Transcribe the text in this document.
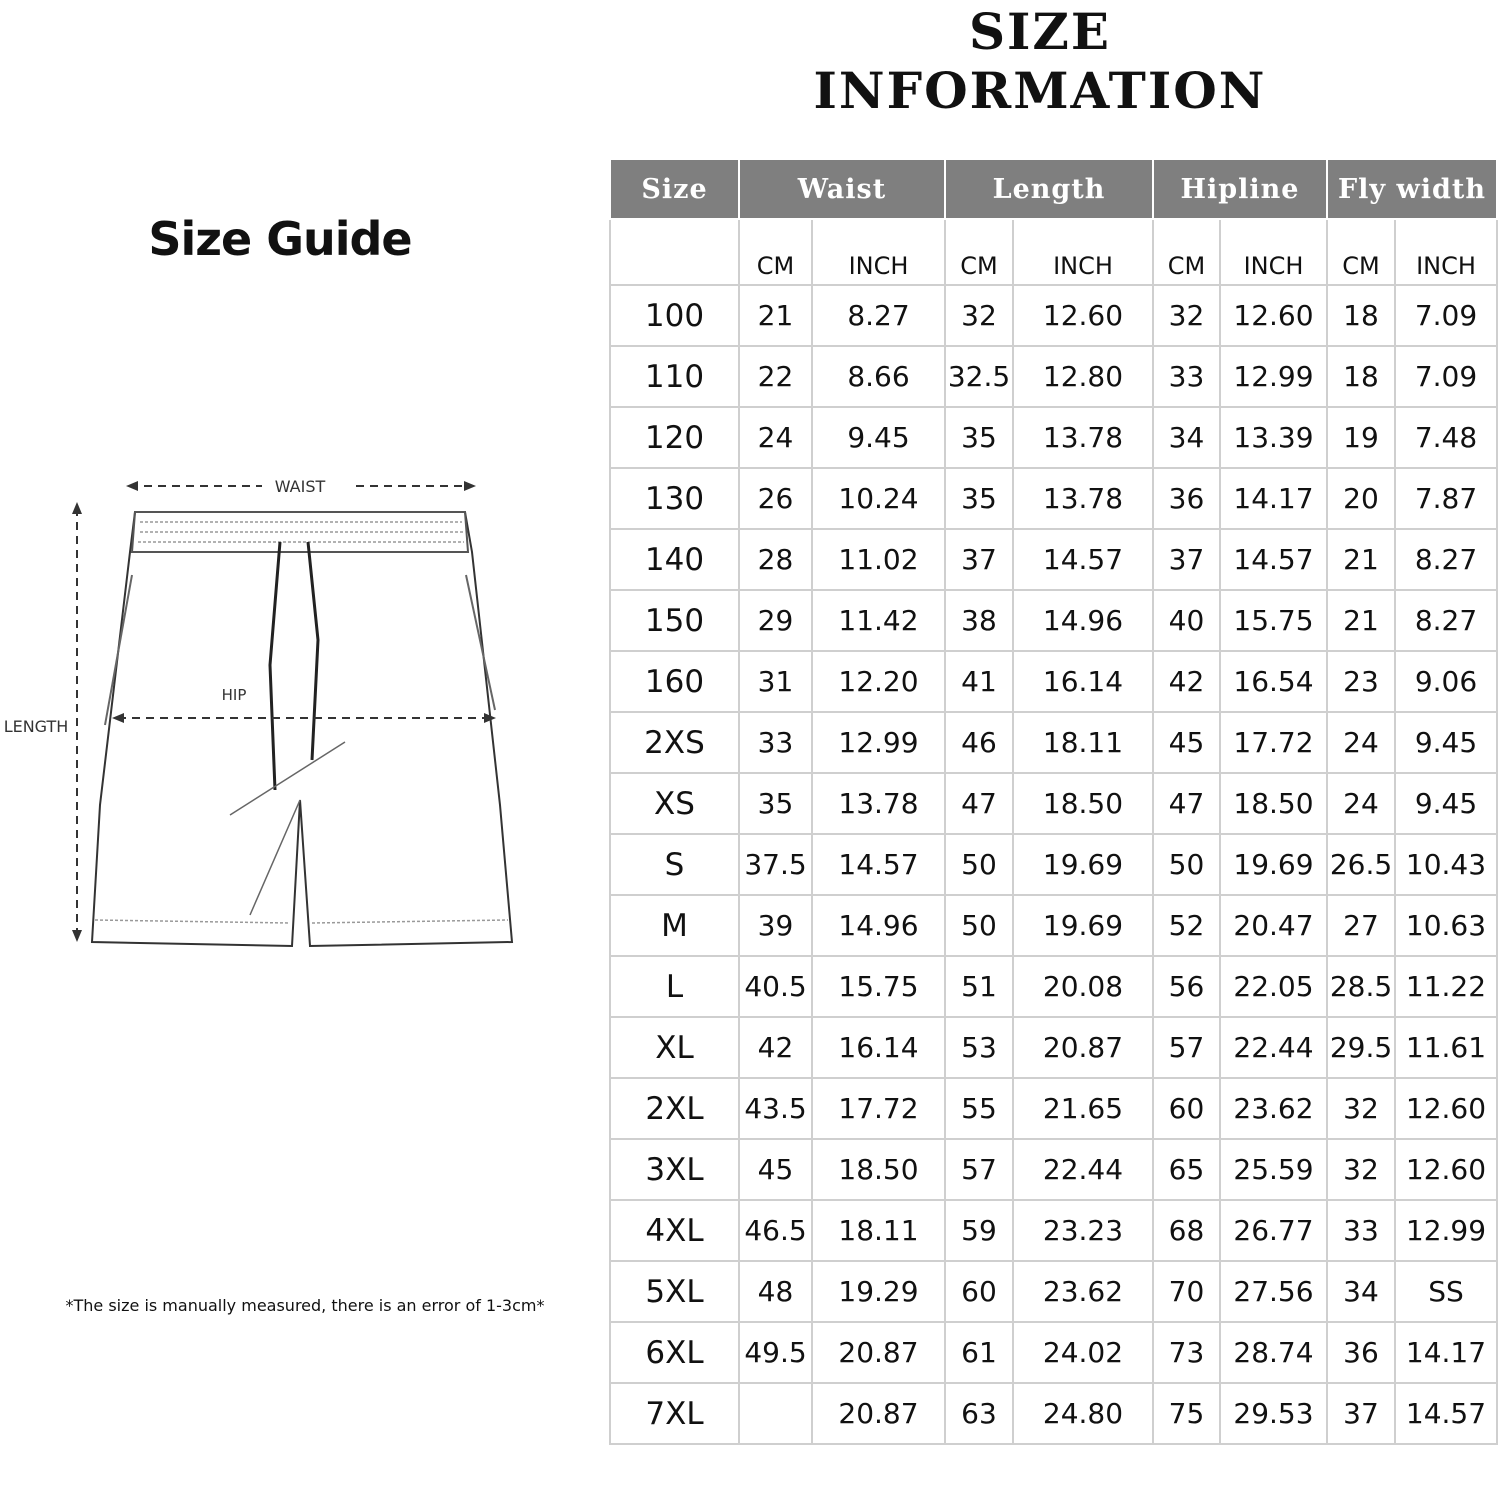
SIZE INFORMATION
Size Guide
WAIST
HIP
LENGTH
*The size is manually measured, there is an error of 1-3cm*
Size	Waist		Length		Hipline		Fly width	
	CM	INCH	CM	INCH	CM	INCH	CM	INCH
100	21	8.27	32	12.60	32	12.60	18	7.09
110	22	8.66	32.5	12.80	33	12.99	18	7.09
120	24	9.45	35	13.78	34	13.39	19	7.48
130	26	10.24	35	13.78	36	14.17	20	7.87
140	28	11.02	37	14.57	37	14.57	21	8.27
150	29	11.42	38	14.96	40	15.75	21	8.27
160	31	12.20	41	16.14	42	16.54	23	9.06
2XS	33	12.99	46	18.11	45	17.72	24	9.45
XS	35	13.78	47	18.50	47	18.50	24	9.45
S	37.5	14.57	50	19.69	50	19.69	26.5	10.43
M	39	14.96	50	19.69	52	20.47	27	10.63
L	40.5	15.75	51	20.08	56	22.05	28.5	11.22
XL	42	16.14	53	20.87	57	22.44	29.5	11.61
2XL	43.5	17.72	55	21.65	60	23.62	32	12.60
3XL	45	18.50	57	22.44	65	25.59	32	12.60
4XL	46.5	18.11	59	23.23	68	26.77	33	12.99
5XL	48	19.29	60	23.62	70	27.56	34	SS
6XL	49.5	20.87	61	24.02	73	28.74	36	14.17
7XL		20.87	63	24.80	75	29.53	37	14.57
